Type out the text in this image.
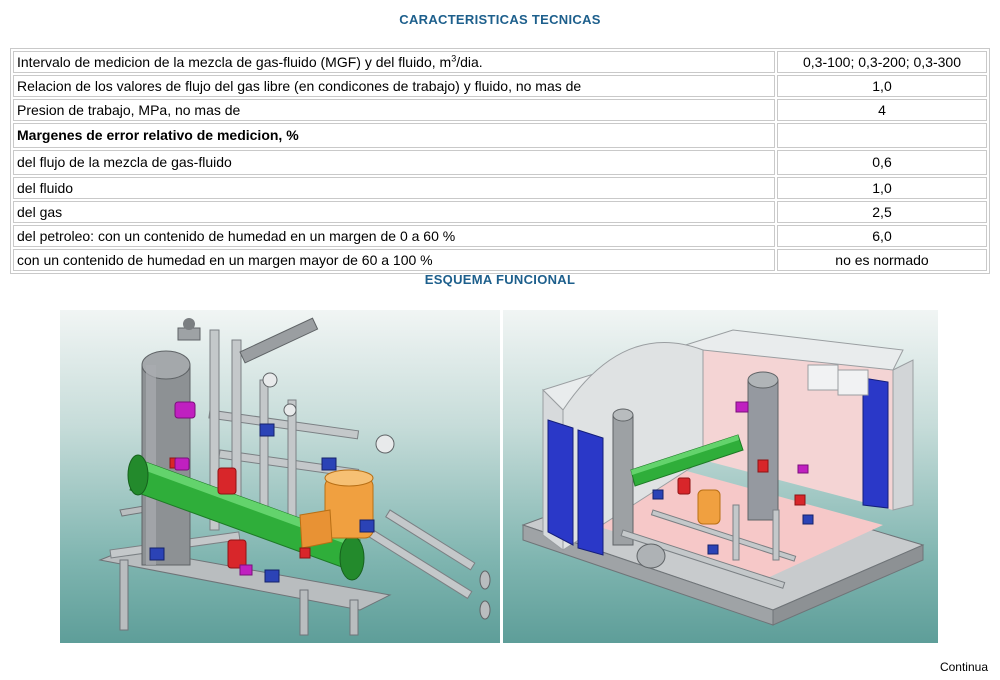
CARACTERISTICAS TECNICAS
Intervalo de medicion de la mezcla de gas-fluido (MGF) y del fluido, $m^3$/dia.	0,3-100; 0,3-200; 0,3-300
Relacion de los valores de flujo del gas libre (en condicones de trabajo) y fluido, no mas de	1,0
Presion de trabajo, MPa, no mas de	4
Margenes de error relativo de medicion, %	
del flujo de la mezcla de gas-fluido	0,6
del fluido	1,0
del gas	2,5
del petroleo: con un contenido de humedad en un margen de 0 a 60 %	6,0
con un contenido de humedad en un margen mayor de 60 a 100 %	no es normado
ESQUEMA FUNCIONAL
Continua
